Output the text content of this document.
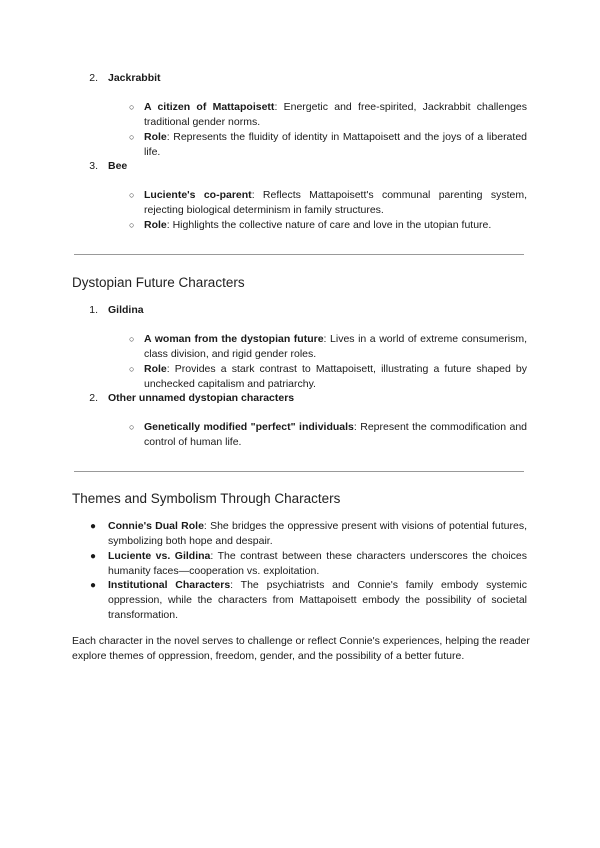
2. Jackrabbit
○ A citizen of Mattapoisett: Energetic and free-spirited, Jackrabbit challenges traditional gender norms.
○ Role: Represents the fluidity of identity in Mattapoisett and the joys of a liberated life.
3. Bee
○ Luciente's co-parent: Reflects Mattapoisett's communal parenting system, rejecting biological determinism in family structures.
○ Role: Highlights the collective nature of care and love in the utopian future.
Dystopian Future Characters
1. Gildina
○ A woman from the dystopian future: Lives in a world of extreme consumerism, class division, and rigid gender roles.
○ Role: Provides a stark contrast to Mattapoisett, illustrating a future shaped by unchecked capitalism and patriarchy.
2. Other unnamed dystopian characters
○ Genetically modified "perfect" individuals: Represent the commodification and control of human life.
Themes and Symbolism Through Characters
● Connie's Dual Role: She bridges the oppressive present with visions of potential futures, symbolizing both hope and despair.
● Luciente vs. Gildina: The contrast between these characters underscores the choices humanity faces—cooperation vs. exploitation.
● Institutional Characters: The psychiatrists and Connie's family embody systemic oppression, while the characters from Mattapoisett embody the possibility of societal transformation.
Each character in the novel serves to challenge or reflect Connie's experiences, helping the reader explore themes of oppression, freedom, gender, and the possibility of a better future.
